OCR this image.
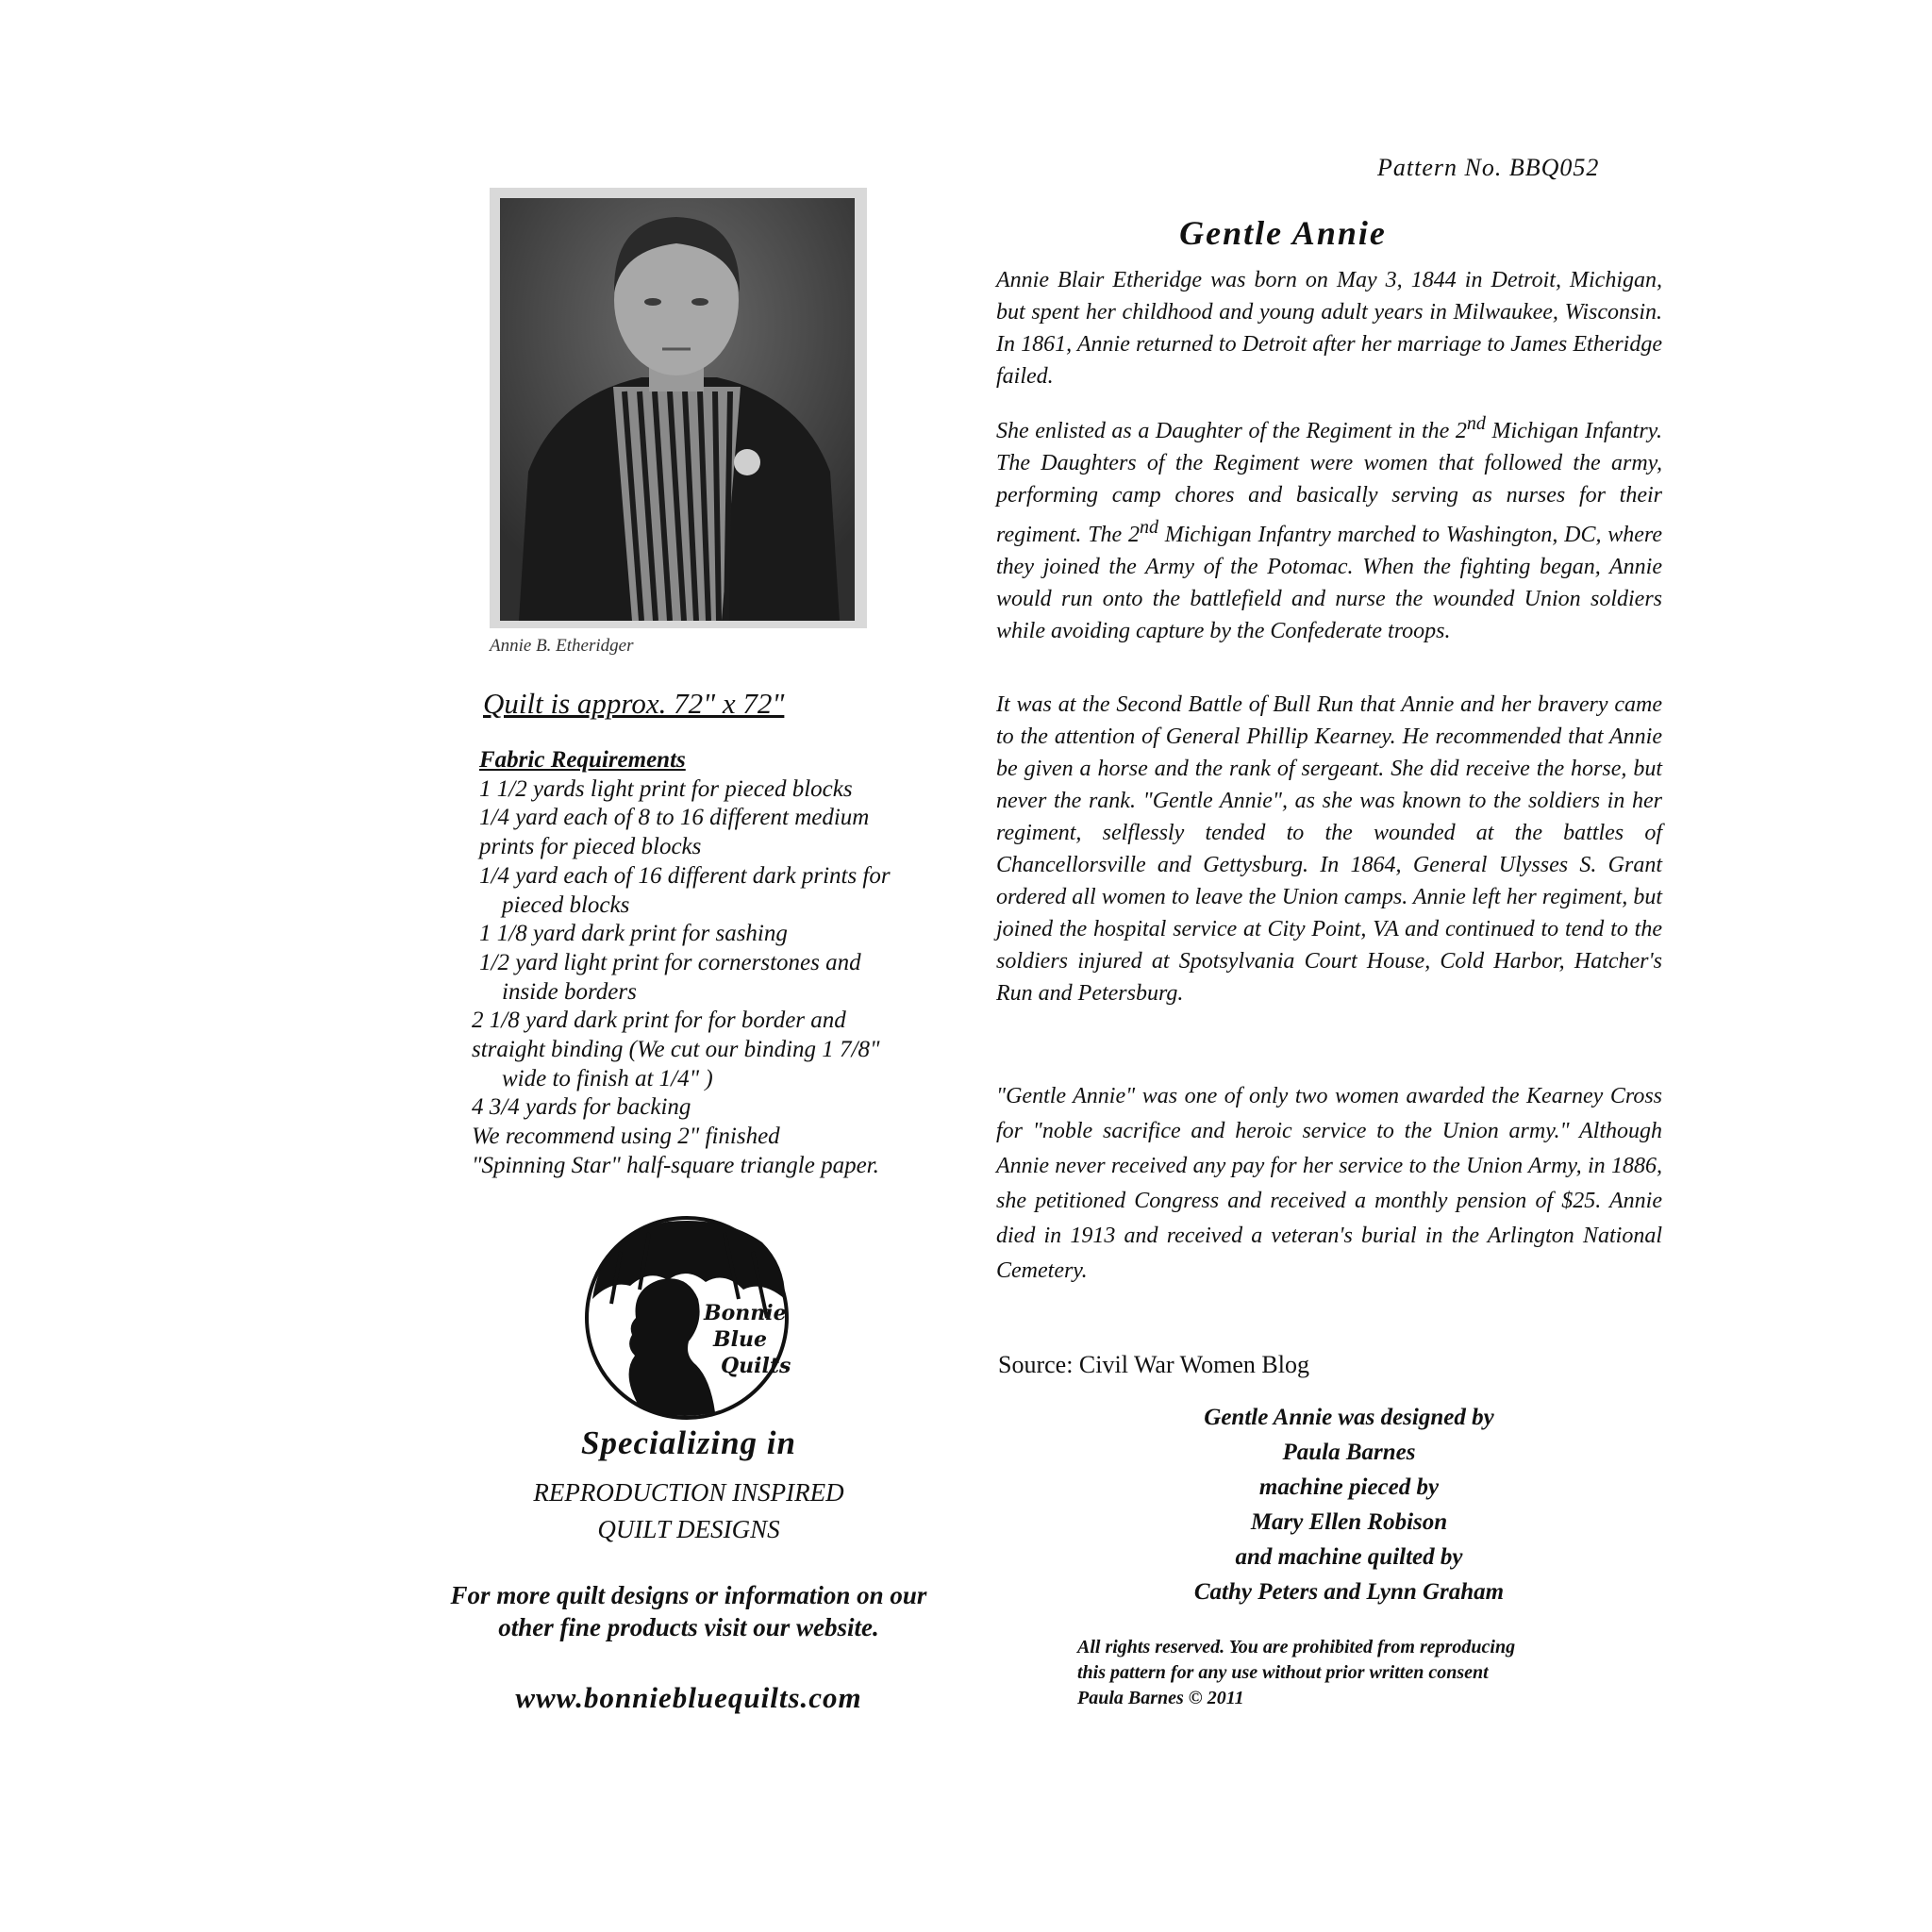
Pattern No. BBQ052
Annie B. Etheridger
Quilt is approx. 72" x 72"
Fabric Requirements
1 1/2 yards light print for pieced blocks
1/4 yard each of 8 to 16 different medium
prints for pieced blocks
1/4 yard each of 16 different dark prints for
pieced blocks
1 1/8 yard dark print for sashing
1/2 yard light print for cornerstones and
inside borders
2 1/8 yard dark print for for border and
straight binding (We cut our binding 1 7/8"
wide to finish at 1/4" )
4 3/4 yards for backing
We recommend using 2" finished
"Spinning Star" half-square triangle paper.
Bonnie
Blue
Quilts
Specializing in
REPRODUCTION INSPIRED
QUILT DESIGNS
For more quilt designs or information on our
other fine products visit our website.
www.bonniebluequilts.com
Gentle Annie
Annie Blair Etheridge was born on May 3, 1844 in Detroit, Michigan, but spent her childhood and young adult years in Milwaukee, Wisconsin. In 1861, Annie returned to Detroit after her marriage to James Etheridge failed.
She enlisted as a Daughter of the Regiment in the 2nd Michigan Infantry. The Daughters of the Regiment were women that followed the army, performing camp chores and basically serving as nurses for their regiment. The 2nd Michigan Infantry marched to Washington, DC, where they joined the Army of the Potomac. When the fighting began, Annie would run onto the battlefield and nurse the wounded Union soldiers while avoiding capture by the Confederate troops.
It was at the Second Battle of Bull Run that Annie and her bravery came to the attention of General Phillip Kearney. He recommended that Annie be given a horse and the rank of sergeant. She did receive the horse, but never the rank. "Gentle Annie", as she was known to the soldiers in her regiment, selflessly tended to the wounded at the battles of Chancellorsville and Gettysburg. In 1864, General Ulysses S. Grant ordered all women to leave the Union camps. Annie left her regiment, but joined the hospital service at City Point, VA and continued to tend to the soldiers injured at Spotsylvania Court House, Cold Harbor, Hatcher's Run and Petersburg.
"Gentle Annie" was one of only two women awarded the Kearney Cross for "noble sacrifice and heroic service to the Union army." Although Annie never received any pay for her service to the Union Army, in 1886, she petitioned Congress and received a monthly pension of $25. Annie died in 1913 and received a veteran's burial in the Arlington National Cemetery.
Source: Civil War Women Blog
Gentle Annie was designed by
Paula Barnes
machine pieced by
Mary Ellen Robison
and machine quilted by
Cathy Peters and Lynn Graham
All rights reserved. You are prohibited from reproducing
this pattern for any use without prior written consent
Paula Barnes © 2011
